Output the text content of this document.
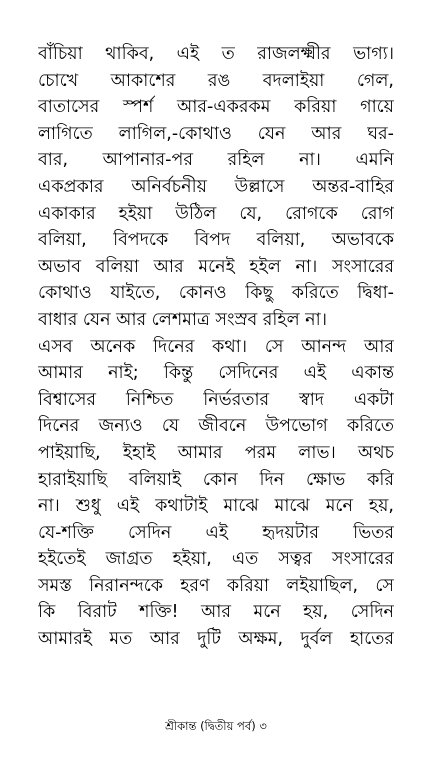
বাঁচিয়া থাকিব, এই ত রাজলক্ষ্মীর ভাগ্য।
চোখে আকাশের রঙ বদলাইয়া গেল,
বাতাসের স্পর্শ আর-একরকম করিয়া গায়ে
লাগিতে লাগিল,-কোথাও যেন আর ঘর-
বার, আপানার-পর রহিল না। এমনি
একপ্রকার অনির্বচনীয় উল্লাসে অন্তর-বাহির
একাকার হইয়া উঠিল যে, রোগকে রোগ
বলিয়া, বিপদকে বিপদ বলিয়া, অভাবকে
অভাব বলিয়া আর মনেই হইল না। সংসারের
কোথাও যাইতে, কোনও কিছু করিতে দ্বিধা-
বাধার যেন আর লেশমাত্র সংস্রব রহিল না।
এসব অনেক দিনের কথা। সে আনন্দ আর
আমার নাই; কিন্তু সেদিনের এই একান্ত
বিশ্বাসের নিশ্চিত নির্ভরতার স্বাদ একটা
দিনের জন্যও যে জীবনে উপভোগ করিতে
পাইয়াছি, ইহাই আমার পরম লাভ। অথচ
হারাইয়াছি বলিয়াই কোন দিন ক্ষোভ করি
না। শুধু এই কথাটাই মাঝে মাঝে মনে হয়,
যে-শক্তি সেদিন এই হৃদয়টার ভিতর
হইতেই জাগ্রত হইয়া, এত সত্বর সংসারের
সমস্ত নিরানন্দকে হরণ করিয়া লইয়াছিল, সে
কি বিরাট শক্তি! আর মনে হয়, সেদিন
আমারই মত আর দুটি অক্ষম, দুর্বল হাতের
শ্রীকান্ত (দ্বিতীয় পর্ব) ৩
